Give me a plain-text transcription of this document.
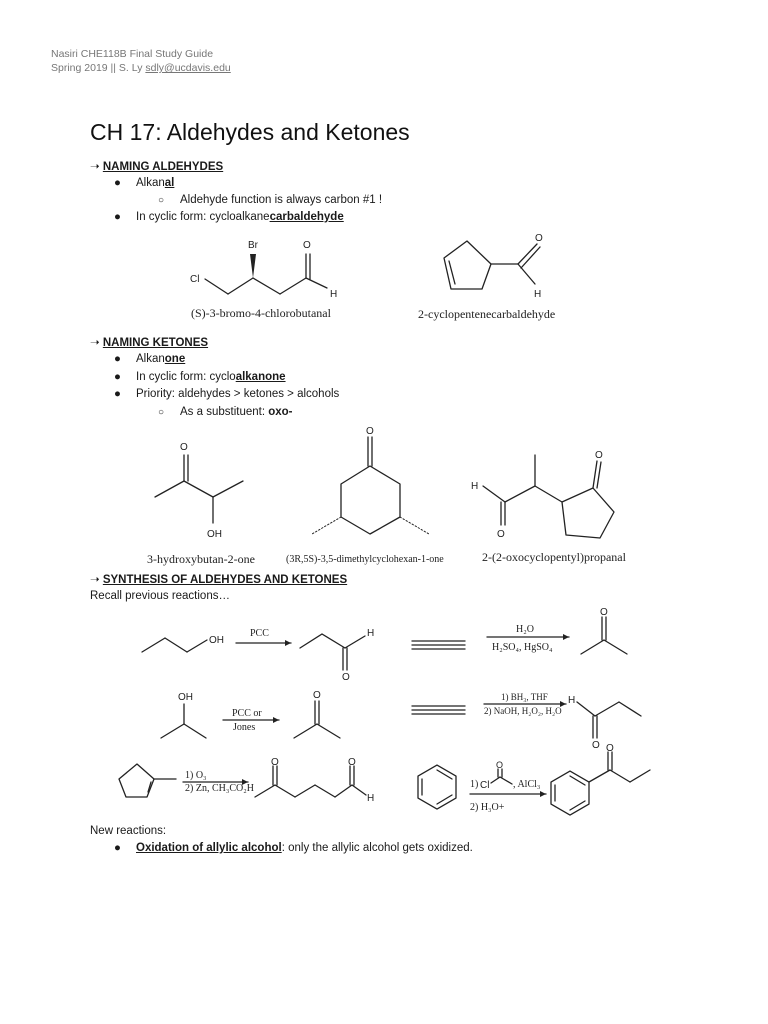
Nasiri CHE118B Final Study Guide
Spring 2019 || S. Ly sdly@ucdavis.edu
CH 17: Aldehydes and Ketones
➝ NAMING ALDEHYDES
● Alkanal
○ Aldehyde function is always carbon #1 !
● In cyclic form: cycloalkanecarbaldehyde
➝ NAMING KETONES
● Alkanone
● In cyclic form: cycloalkanone
● Priority: aldehydes > ketones > alcohols
○ As a substituent: oxo-
➝ SYNTHESIS OF ALDEHYDES AND KETONES
Recall previous reactions…
New reactions:
● Oxidation of allylic alcohol: only the allylic alcohol gets oxidized.
Br	O
Cl
H
(S)-3-bromo-4-chlorobutanal
O
H
2-cyclopentenecarbaldehyde
O
OH
3-hydroxybutan-2-one
O
(3R,5S)-3,5-dimethylcyclohexan-1-one
H
O
O
2-(2-oxocyclopentyl)propanal
OH
PCC	H
O
H₂O
H₂SO₄, HgSO₄
O
OH
PCC or
Jones
O	1) BH₃, THF
2) NaOH, H₂O₂, H₂O
H
O
1) O₃
2) Zn, CH₃CO₂H
O	O
H
1) Cl
O
, AlCl₃
2) H₃O+
O
